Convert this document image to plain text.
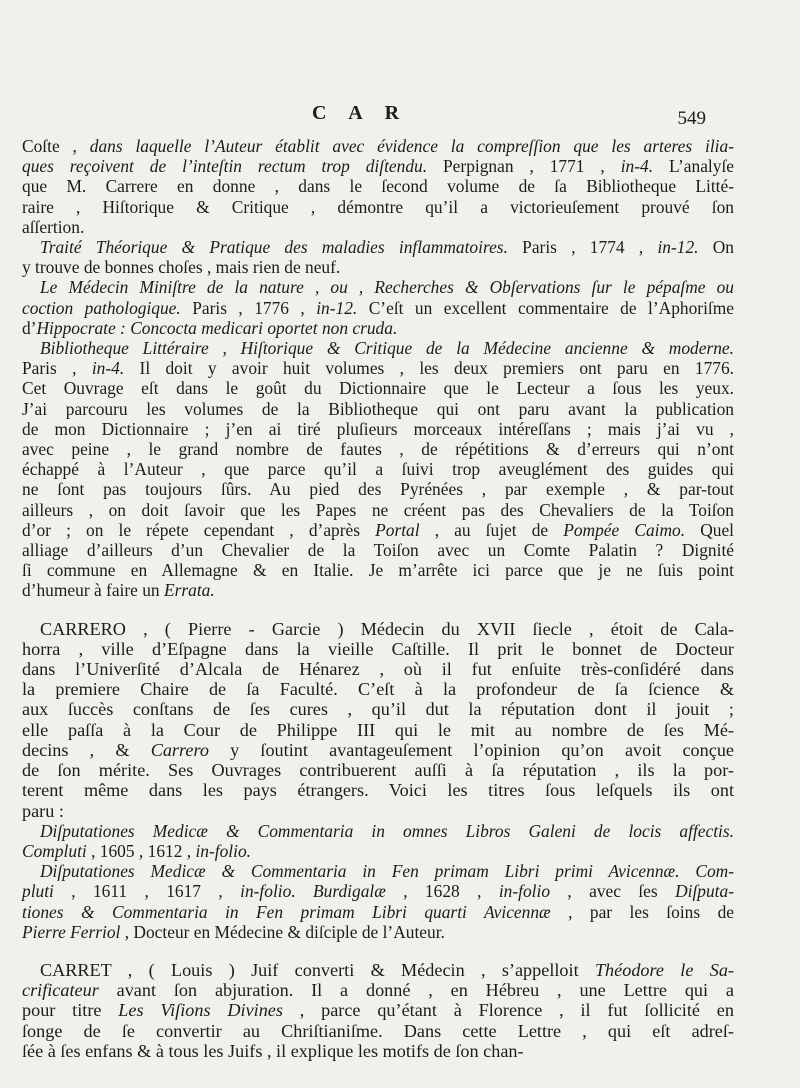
C A R	549

Coſte , dans laquelle l’Auteur établit avec évidence la compreſſion que les arteres ilia-
ques reçoivent de l’inteſtin rectum trop diſtendu. Perpignan , 1771 , in-4. L’analyſe
que M. Carrere en donne , dans le ſecond volume de ſa Bibliotheque Litté-
raire , Hiſtorique & Critique , démontre qu’il a victorieuſement prouvé ſon
aſſertion.

Traité Théorique & Pratique des maladies inflammatoires. Paris , 1774 , in-12. On
y trouve de bonnes choſes , mais rien de neuf.

Le Médecin Miniſtre de la nature , ou , Recherches & Obſervations ſur le pépaſme ou
coction pathologique. Paris , 1776 , in-12. C’eſt un excellent commentaire de l’Aphoriſme
d’Hippocrate : Concocta medicari oportet non cruda.

Bibliotheque Littéraire , Hiſtorique & Critique de la Médecine ancienne & moderne.
Paris , in-4. Il doit y avoir huit volumes , les deux premiers ont paru en 1776.
Cet Ouvrage eſt dans le goût du Dictionnaire que le Lecteur a ſous les yeux.
J’ai parcouru les volumes de la Bibliotheque qui ont paru avant la publication
de mon Dictionnaire ; j’en ai tiré pluſieurs morceaux intéreſſans ; mais j’ai vu ,
avec peine , le grand nombre de fautes , de répétitions & d’erreurs qui n’ont
échappé à l’Auteur , que parce qu’il a ſuivi trop aveuglément des guides qui
ne ſont pas toujours ſûrs. Au pied des Pyrénées , par exemple , & par-tout
ailleurs , on doit ſavoir que les Papes ne créent pas des Chevaliers de la Toiſon
d’or ; on le répete cependant , d’après Portal , au ſujet de Pompée Caimo. Quel
alliage d’ailleurs d’un Chevalier de la Toiſon avec un Comte Palatin ? Dignité
ſi commune en Allemagne & en Italie. Je m’arrête ici parce que je ne ſuis point
d’humeur à faire un Errata.

CARRERO , ( Pierre - Garcie ) Médecin du XVII ſiecle , étoit de Cala-
horra , ville d’Eſpagne dans la vieille Caſtille. Il prit le bonnet de Docteur
dans l’Univerſité d’Alcala de Hénarez , où il fut enſuite très-conſidéré dans
la premiere Chaire de ſa Faculté. C’eſt à la profondeur de ſa ſcience &
aux ſuccès conſtans de ſes cures , qu’il dut la réputation dont il jouit ;
elle paſſa à la Cour de Philippe III qui le mit au nombre de ſes Mé-
decins , & Carrero y ſoutint avantageuſement l’opinion qu’on avoit conçue
de ſon mérite. Ses Ouvrages contribuerent auſſi à ſa réputation , ils la por-
terent même dans les pays étrangers. Voici les titres ſous leſquels ils ont
paru :

Diſputationes Medicæ & Commentaria in omnes Libros Galeni de locis affectis.
Compluti , 1605 , 1612 , in-folio.

Diſputationes Medicæ & Commentaria in Fen primam Libri primi Avicennæ. Com-
pluti , 1611 , 1617 , in-folio. Burdigalæ , 1628 , in-folio , avec ſes Diſputa-
tiones & Commentaria in Fen primam Libri quarti Avicennæ , par les ſoins de
Pierre Ferriol , Docteur en Médecine & diſciple de l’Auteur.

CARRET , ( Louis ) Juif converti & Médecin , s’appelloit Théodore le Sa-
crificateur avant ſon abjuration. Il a donné , en Hébreu , une Lettre qui a
pour titre Les Viſions Divines , parce qu’étant à Florence , il fut ſollicité en
ſonge de ſe convertir au Chriſtianiſme. Dans cette Lettre , qui eſt adreſ-
ſée à ſes enfans & à tous les Juifs , il explique les motifs de ſon chan-
